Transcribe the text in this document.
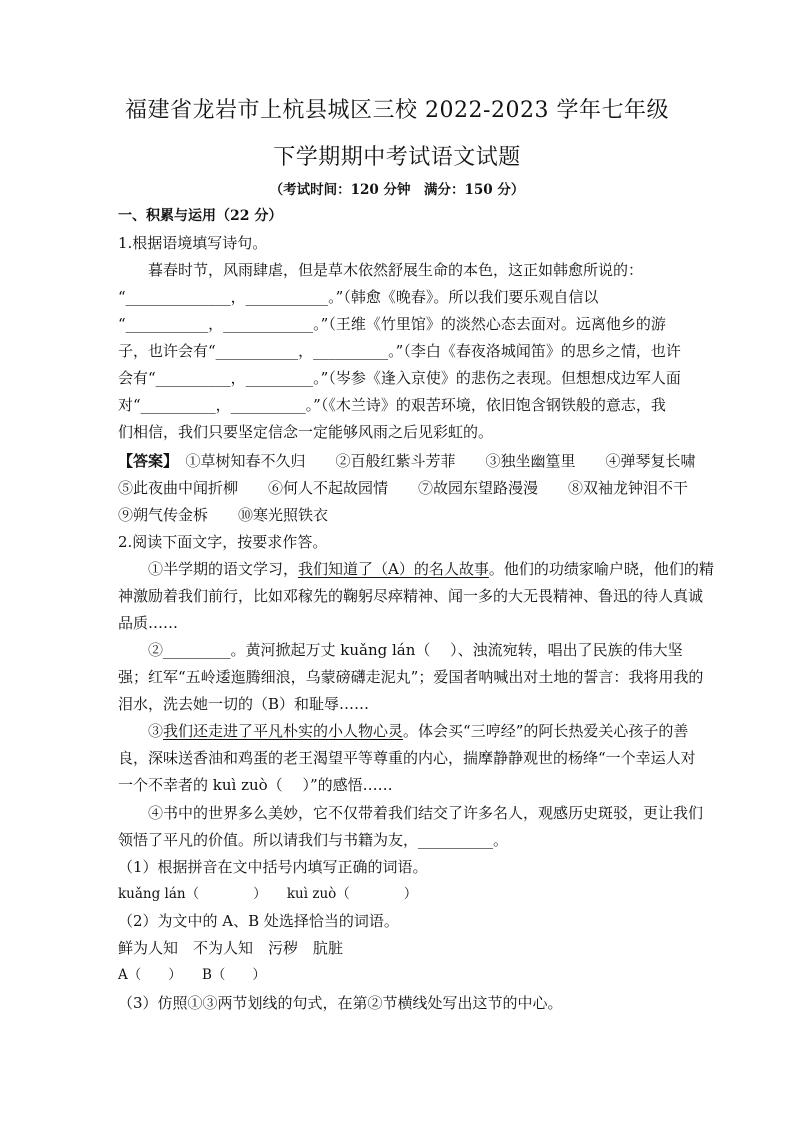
福建省龙岩市上杭县城区三校 2022-2023 学年七年级
下学期期中考试语文试题
（考试时间：120 分钟　满分：150 分）
一、积累与运用（22 分）
1.根据语境填写诗句。
　　暮春时节，风雨肆虐，但是草木依然舒展生命的本色，这正如韩愈所说的：
“______________，___________。”（韩愈《晚春》。所以我们要乐观自信以
“___________，____________。”（王维《竹里馆》的淡然心态去面对。远离他乡的游
子，也许会有“___________，__________。”（李白《春夜洛城闻笛》的思乡之情，也许
会有“__________，_________。”（岑参《逢入京使》的悲伤之表现。但想想戍边军人面
对“__________，__________。”（《木兰诗》的艰苦环境，依旧饱含钢铁般的意志，我
们相信，我们只要坚定信念一定能够风雨之后见彩虹的。
【答案】　①草树知春不久归　　②百般红紫斗芳菲　　③独坐幽篁里　　④弹琴复长啸
⑤此夜曲中闻折柳　　⑥何人不起故园情　　⑦故园东望路漫漫　　⑧双袖龙钟泪不干
⑨朔气传金柝　　⑩寒光照铁衣
2.阅读下面文字，按要求作答。
　　①半学期的语文学习，我们知道了（A）的名人故事。他们的功绩家喻户晓，他们的精
神激励着我们前行，比如邓稼先的鞠躬尽瘁精神、闻一多的大无畏精神、鲁迅的待人真诚
品质……
　　②_________。黄河掀起万丈 kuǎng lán（　 ）、浊流宛转，唱出了民族的伟大坚
强；红军“五岭逶迤腾细浪，乌蒙磅礴走泥丸”；爱国者呐喊出对土地的誓言：我将用我的
泪水，洗去她一切的（B）和耻辱……
　　③我们还走进了平凡朴实的小人物心灵。体会买“三哼经”的阿长热爱关心孩子的善
良，深味送香油和鸡蛋的老王渴望平等尊重的内心，揣摩静静观世的杨绛“一个幸运人对
一个不幸者的 kuì zuò（　 ）”的感悟……
　　④书中的世界多么美妙，它不仅带着我们结交了许多名人，观感历史斑驳，更让我们
领悟了平凡的价值。所以请我们与书籍为友，__________。
（1）根据拼音在文中括号内填写正确的词语。
kuǎng lán（　　　　）　　kuì zuò（　　　　）
（2）为文中的 A、B 处选择恰当的词语。
鲜为人知　不为人知　污秽　肮脏
A（　　）　　B（　　）
（3）仿照①③两节划线的句式，在第②节横线处写出这节的中心。
